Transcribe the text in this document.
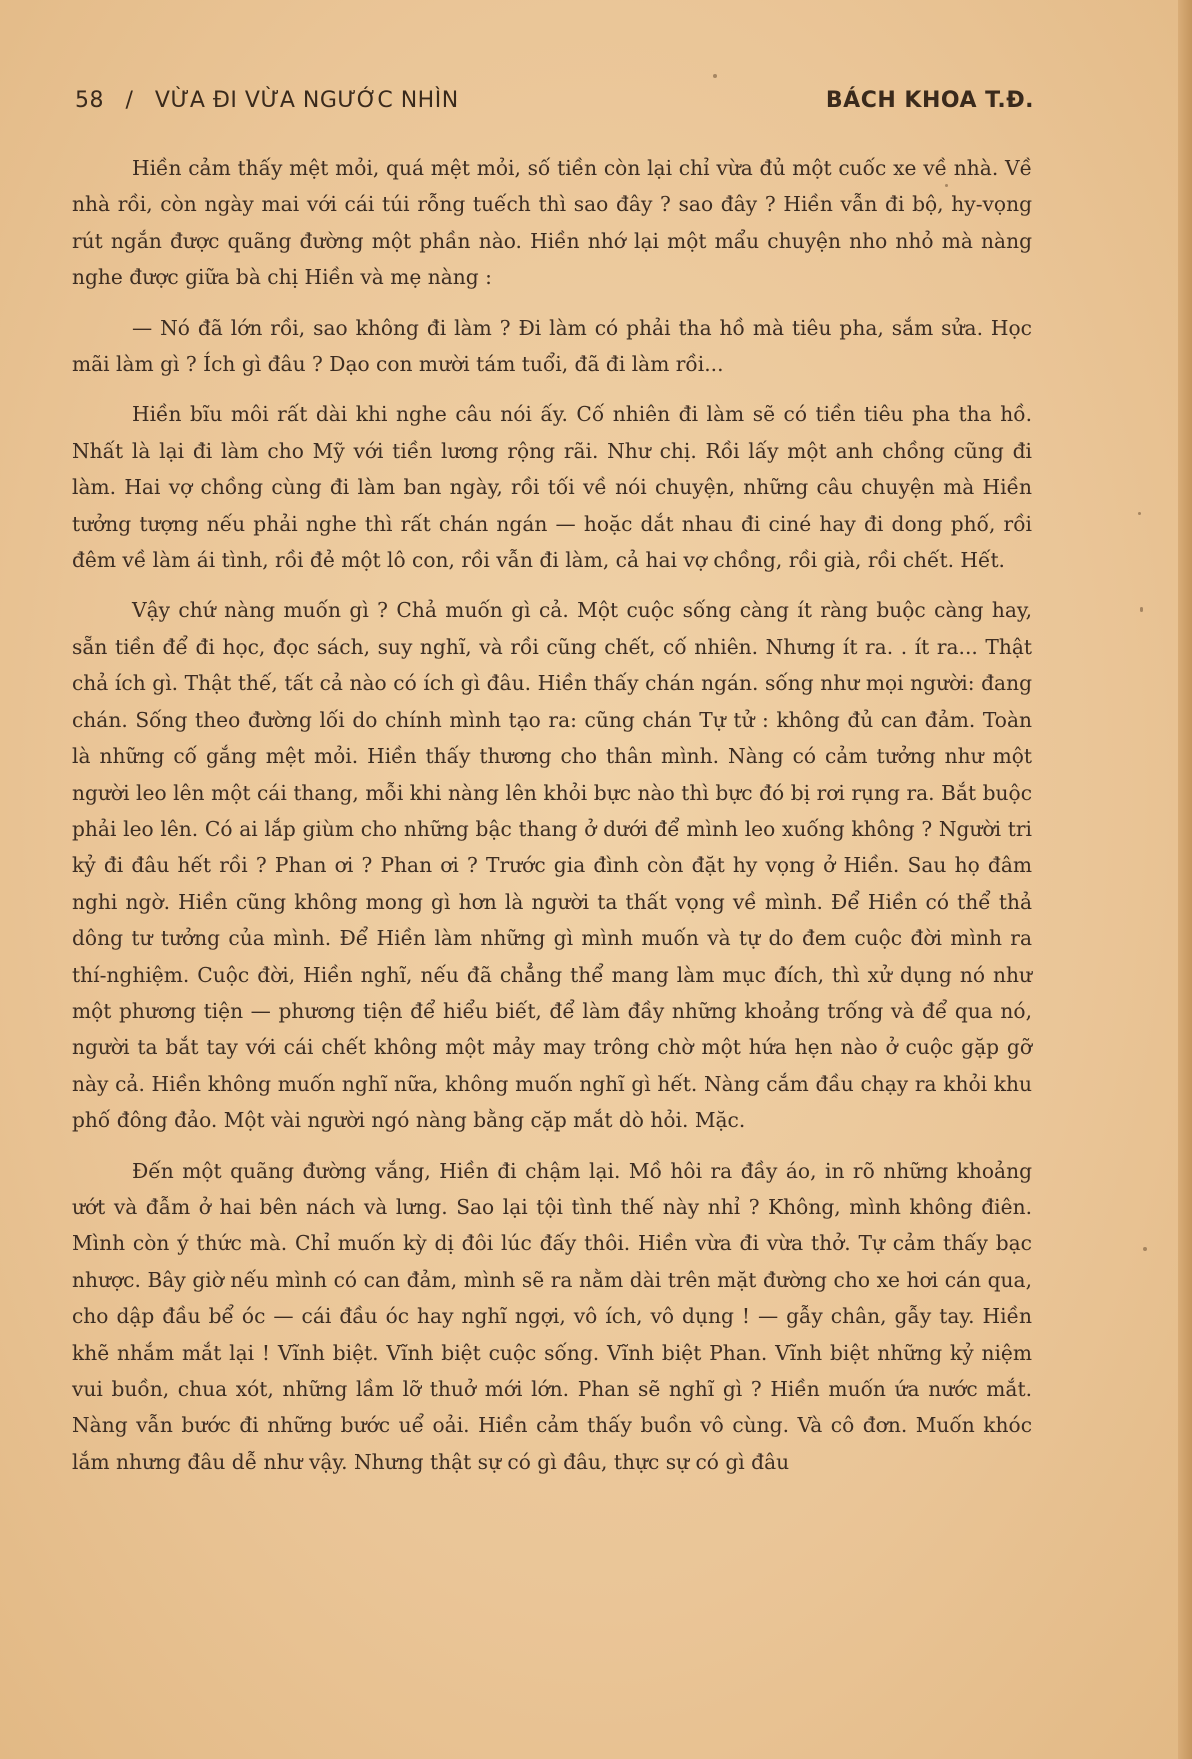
58 / VỪA ĐI VỪA NGƯỚC NHÌN	BÁCH KHOA T.Đ.

Hiền cảm thấy mệt mỏi, quá mệt mỏi, số tiền còn lại chỉ vừa đủ một cuốc xe về nhà. Về nhà rồi, còn ngày mai với cái túi rỗng tuếch thì sao đây ? sao đây ? Hiền vẫn đi bộ, hy-vọng rút ngắn được quãng đường một phần nào. Hiền nhớ lại một mẩu chuyện nho nhỏ mà nàng nghe được giữa bà chị Hiền và mẹ nàng :

— Nó đã lớn rồi, sao không đi làm ? Đi làm có phải tha hồ mà tiêu pha, sắm sửa. Học mãi làm gì ? Ích gì đâu ? Dạo con mười tám tuổi, đã đi làm rồi...

Hiền bĩu môi rất dài khi nghe câu nói ấy. Cố nhiên đi làm sẽ có tiền tiêu pha tha hồ. Nhất là lại đi làm cho Mỹ với tiền lương rộng rãi. Như chị. Rồi lấy một anh chồng cũng đi làm. Hai vợ chồng cùng đi làm ban ngày, rồi tối về nói chuyện, những câu chuyện mà Hiền tưởng tượng nếu phải nghe thì rất chán ngán — hoặc dắt nhau đi ciné hay đi dong phố, rồi đêm về làm ái tình, rồi đẻ một lô con, rồi vẫn đi làm, cả hai vợ chồng, rồi già, rồi chết. Hết.

Vậy chứ nàng muốn gì ? Chả muốn gì cả. Một cuộc sống càng ít ràng buộc càng hay, sẵn tiền để đi học, đọc sách, suy nghĩ, và rồi cũng chết, cố nhiên. Nhưng ít ra. . ít ra... Thật chả ích gì. Thật thế, tất cả nào có ích gì đâu. Hiền thấy chán ngán. sống như mọi người: đang chán. Sống theo đường lối do chính mình tạo ra: cũng chán Tự tử : không đủ can đảm. Toàn là những cố gắng mệt mỏi. Hiền thấy thương cho thân mình. Nàng có cảm tưởng như một người leo lên một cái thang, mỗi khi nàng lên khỏi bực nào thì bực đó bị rơi rụng ra. Bắt buộc phải leo lên. Có ai lắp giùm cho những bậc thang ở dưới để mình leo xuống không ? Người tri kỷ đi đâu hết rồi ? Phan ơi ? Phan ơi ? Trước gia đình còn đặt hy vọng ở Hiền. Sau họ đâm nghi ngờ. Hiền cũng không mong gì hơn là người ta thất vọng về mình. Để Hiền có thể thả dông tư tưởng của mình. Để Hiền làm những gì mình muốn và tự do đem cuộc đời mình ra thí-nghiệm. Cuộc đời, Hiền nghĩ, nếu đã chẳng thể mang làm mục đích, thì xử dụng nó như một phương tiện — phương tiện để hiểu biết, để làm đầy những khoảng trống và để qua nó, người ta bắt tay với cái chết không một mảy may trông chờ một hứa hẹn nào ở cuộc gặp gỡ này cả. Hiền không muốn nghĩ nữa, không muốn nghĩ gì hết. Nàng cắm đầu chạy ra khỏi khu phố đông đảo. Một vài người ngó nàng bằng cặp mắt dò hỏi. Mặc.

Đến một quãng đường vắng, Hiền đi chậm lại. Mồ hôi ra đầy áo, in rõ những khoảng ướt và đẫm ở hai bên nách và lưng. Sao lại tội tình thế này nhỉ ? Không, mình không điên. Mình còn ý thức mà. Chỉ muốn kỳ dị đôi lúc đấy thôi. Hiền vừa đi vừa thở. Tự cảm thấy bạc nhược. Bây giờ nếu mình có can đảm, mình sẽ ra nằm dài trên mặt đường cho xe hơi cán qua, cho dập đầu bể óc — cái đầu óc hay nghĩ ngợi, vô ích, vô dụng ! — gẫy chân, gẫy tay. Hiền khẽ nhắm mắt lại ! Vĩnh biệt. Vĩnh biệt cuộc sống. Vĩnh biệt Phan. Vĩnh biệt những kỷ niệm vui buồn, chua xót, những lầm lỡ thuở mới lớn. Phan sẽ nghĩ gì ? Hiền muốn ứa nước mắt. Nàng vẫn bước đi những bước uể oải. Hiền cảm thấy buồn vô cùng. Và cô đơn. Muốn khóc lắm nhưng đâu dễ như vậy. Nhưng thật sự có gì đâu, thực sự có gì đâu
